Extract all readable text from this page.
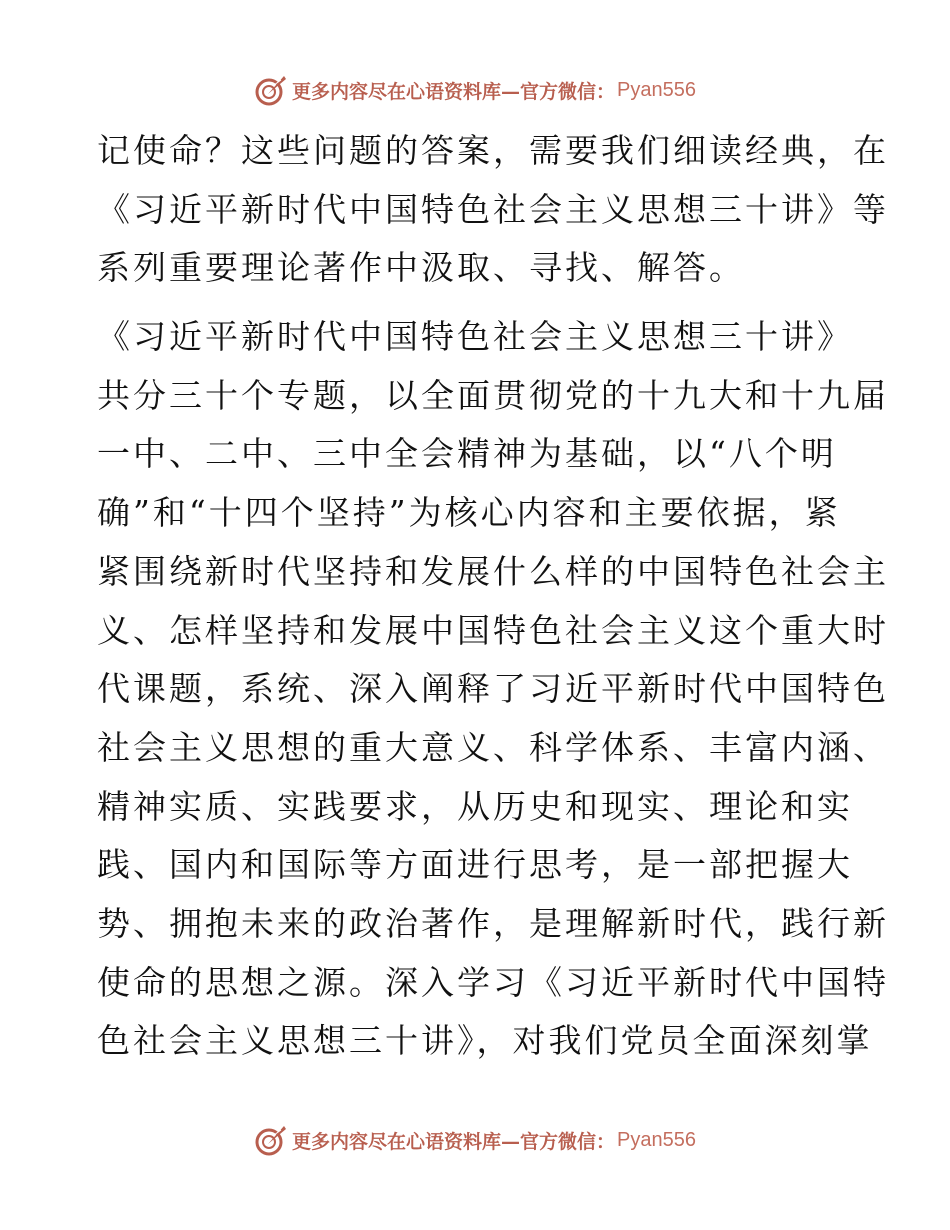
更多内容尽在心语资料库—官方微信： Pyan556
记使命？这些问题的答案，需要我们细读经典，在
《习近平新时代中国特色社会主义思想三十讲》等
系列重要理论著作中汲取、寻找、解答。
《习近平新时代中国特色社会主义思想三十讲》
共分三十个专题，以全面贯彻党的十九大和十九届
一中、二中、三中全会精神为基础，以“八个明
确”和“十四个坚持”为核心内容和主要依据，紧
紧围绕新时代坚持和发展什么样的中国特色社会主
义、怎样坚持和发展中国特色社会主义这个重大时
代课题，系统、深入阐释了习近平新时代中国特色
社会主义思想的重大意义、科学体系、丰富内涵、
精神实质、实践要求，从历史和现实、理论和实
践、国内和国际等方面进行思考，是一部把握大
势、拥抱未来的政治著作，是理解新时代，践行新
使命的思想之源。深入学习《习近平新时代中国特
色社会主义思想三十讲》，对我们党员全面深刻掌
更多内容尽在心语资料库—官方微信： Pyan556
